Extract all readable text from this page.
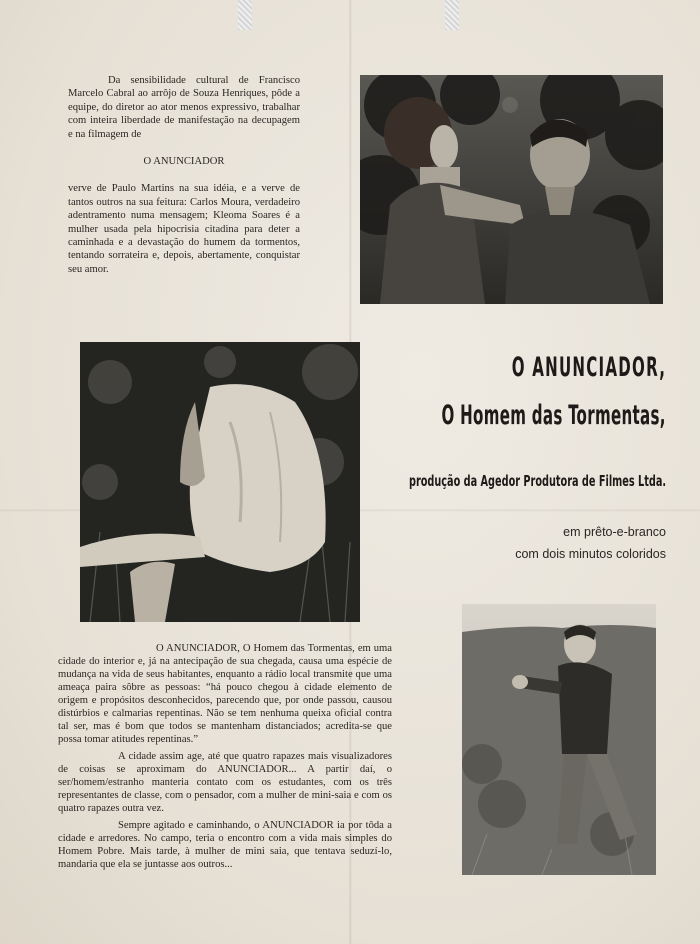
Da sensibilidade cultural de Francisco Marcelo Cabral ao arrôjo de Souza Henriques, pôde a equipe, do diretor ao ator menos expressivo, trabalhar com inteira liberdade de manifestação na decupagem e na filmagem de

O ANUNCIADOR

verve de Paulo Martins na sua idéia, e a verve de tantos outros na sua feitura: Carlos Moura, verdadeiro adentramento numa mensagem; Kleoma Soares é a mulher usada pela hipocrisia citadina para deter a caminhada e a devastação do humem da tormentos, tentando sorrateira e, depois, abertamente, conquistar seu amor.

O ANUNCIADOR,
O Homem das Tormentas,
produção da Agedor Produtora de Filmes Ltda.
em prêto-e-branco
com dois minutos coloridos

O ANUNCIADOR, O Homem das Tormentas, em uma cidade do interior e, já na antecipação de sua chegada, causa uma espécie de mudança na vida de seus habitantes, enquanto a rádio local transmite que uma ameaça paira sôbre as pessoas: “há pouco chegou à cidade elemento de origem e propósitos desconhecidos, parecendo que, por onde passou, causou distúrbios e calmarias repentinas. Não se tem nenhuma queixa oficial contra tal ser, mas é bom que todos se mantenham distanciados; acredita-se que possa tomar atitudes repentinas.”

A cidade assim age, até que quatro rapazes mais visualizadores de coisas se aproximam do ANUNCIADOR... A partir daí, o ser/homem/estranho manteria contato com os estudantes, com os três representantes de classe, com o pensador, com a mulher de mini-saia e com os quatro rapazes outra vez.

Sempre agitado e caminhando, o ANUNCIADOR ia por tôda a cidade e arredores. No campo, teria o encontro com a vida mais simples do Homem Pobre. Mais tarde, à mulher de mini saia, que tentava seduzí-lo, mandaria que ela se juntasse aos outros...
